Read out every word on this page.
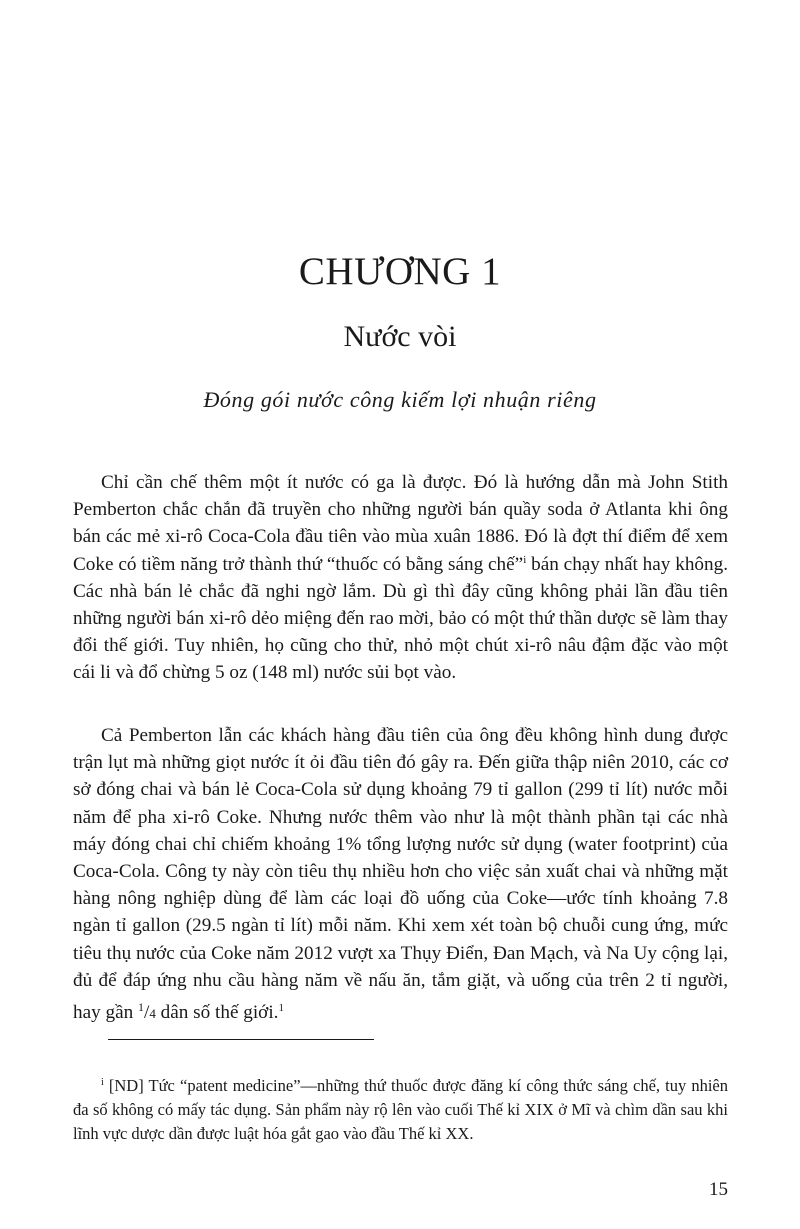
CHƯƠNG 1
Nước vòi
Đóng gói nước công kiếm lợi nhuận riêng

Chỉ cần chế thêm một ít nước có ga là được. Đó là hướng dẫn mà John Stith Pemberton chắc chắn đã truyền cho những người bán quầy soda ở Atlanta khi ông bán các mẻ xi-rô Coca-Cola đầu tiên vào mùa xuân 1886. Đó là đợt thí điểm để xem Coke có tiềm năng trở thành thứ “thuốc có bằng sáng chế”$^i$ bán chạy nhất hay không. Các nhà bán lẻ chắc đã nghi ngờ lắm. Dù gì thì đây cũng không phải lần đầu tiên những người bán xi-rô dẻo miệng đến rao mời, bảo có một thứ thần dược sẽ làm thay đổi thế giới. Tuy nhiên, họ cũng cho thử, nhỏ một chút xi-rô nâu đậm đặc vào một cái li và đổ chừng 5 oz (148 ml) nước sủi bọt vào.

Cả Pemberton lẫn các khách hàng đầu tiên của ông đều không hình dung được trận lụt mà những giọt nước ít ỏi đầu tiên đó gây ra. Đến giữa thập niên 2010, các cơ sở đóng chai và bán lẻ Coca-Cola sử dụng khoảng 79 tỉ gallon (299 tỉ lít) nước mỗi năm để pha xi-rô Coke. Nhưng nước thêm vào như là một thành phần tại các nhà máy đóng chai chỉ chiếm khoảng 1% tổng lượng nước sử dụng (water footprint) của Coca-Cola. Công ty này còn tiêu thụ nhiều hơn cho việc sản xuất chai và những mặt hàng nông nghiệp dùng để làm các loại đồ uống của Coke—ước tính khoảng 7.8 ngàn tỉ gallon (29.5 ngàn tỉ lít) mỗi năm. Khi xem xét toàn bộ chuỗi cung ứng, mức tiêu thụ nước của Coke năm 2012 vượt xa Thụy Điển, Đan Mạch, và Na Uy cộng lại, đủ để đáp ứng nhu cầu hàng năm về nấu ăn, tắm giặt, và uống của trên 2 tỉ người, hay gần $^1$/4 dân số thế giới.$^1$

$^i$ [ND] Tức “patent medicine”—những thứ thuốc được đăng kí công thức sáng chế, tuy nhiên đa số không có mấy tác dụng. Sản phẩm này rộ lên vào cuối Thế kỉ XIX ở Mĩ và chìm dần sau khi lĩnh vực dược dần được luật hóa gắt gao vào đầu Thế kỉ XX.

15
